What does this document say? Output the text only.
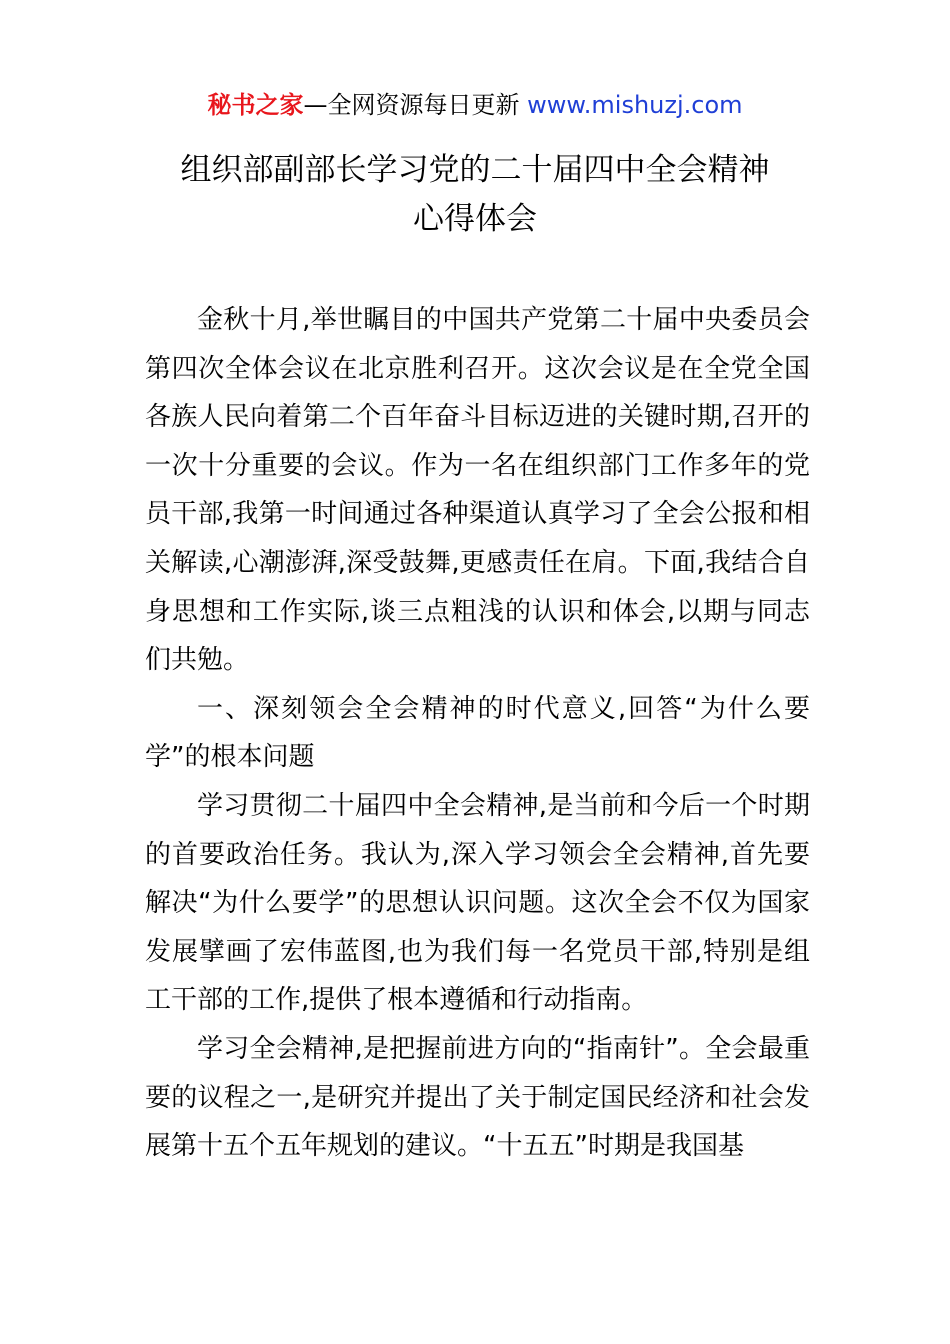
秘书之家—全网资源每日更新 www.mishuzj.com
组织部副部长学习党的二十届四中全会精神
心得体会

金秋十月,举世瞩目的中国共产党第二十届中央委员会第四次全体会议在北京胜利召开。这次会议是在全党全国各族人民向着第二个百年奋斗目标迈进的关键时期,召开的一次十分重要的会议。作为一名在组织部门工作多年的党员干部,我第一时间通过各种渠道认真学习了全会公报和相关解读,心潮澎湃,深受鼓舞,更感责任在肩。下面,我结合自身思想和工作实际,谈三点粗浅的认识和体会,以期与同志们共勉。

一、深刻领会全会精神的时代意义,回答“为什么要学”的根本问题

学习贯彻二十届四中全会精神,是当前和今后一个时期的首要政治任务。我认为,深入学习领会全会精神,首先要解决“为什么要学”的思想认识问题。这次全会不仅为国家发展擘画了宏伟蓝图,也为我们每一名党员干部,特别是组工干部的工作,提供了根本遵循和行动指南。

学习全会精神,是把握前进方向的“指南针”。全会最重要的议程之一,是研究并提出了关于制定国民经济和社会发展第十五个五年规划的建议。“十五五”时期是我国基
